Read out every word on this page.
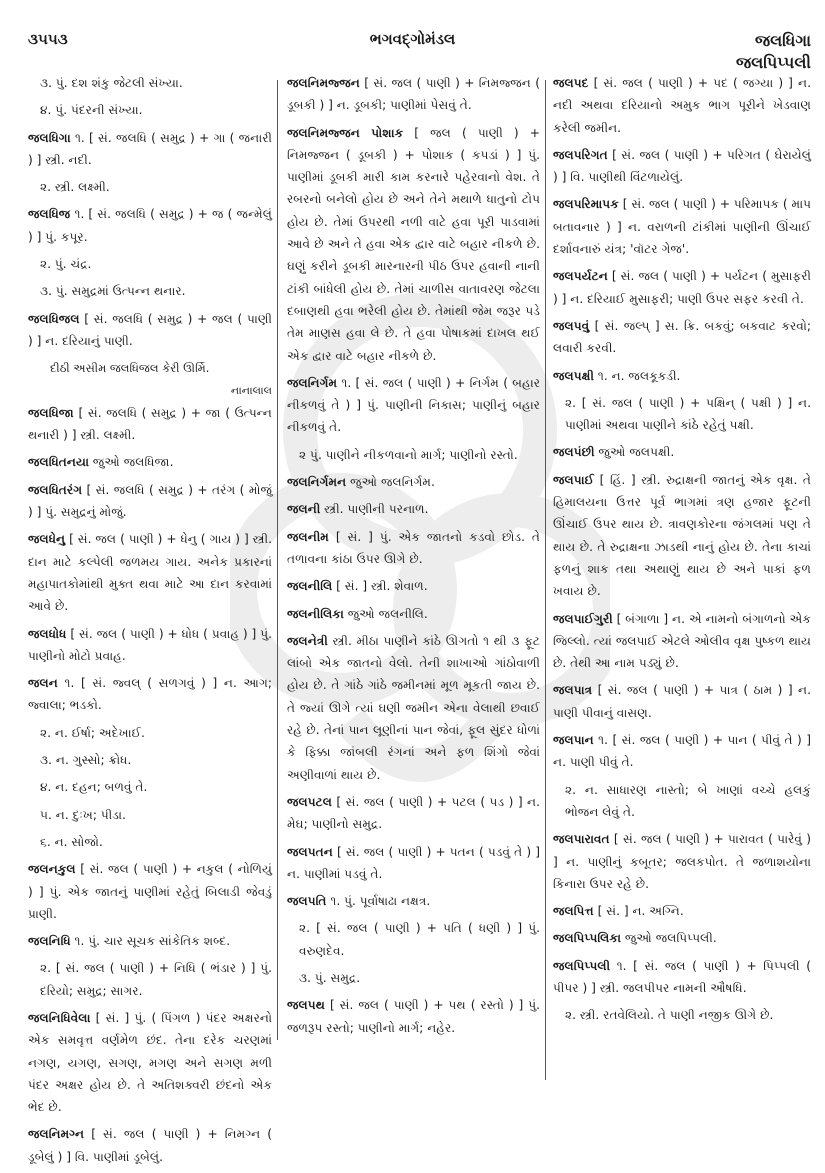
૩૫૫૩	ભગવદ્ગોમંડલ	જલધિગા
જલપિપ્પલી
૩. પું. દશ શંકુ જેટલી સંખ્યા.
૪. પું. પંદરની સંખ્યા.
જલધિગા ૧. [ સં. જલધિ ( સમુદ્ર ) + ગા ( જનારી ) ] સ્ત્રી. નદી.
૨. સ્ત્રી. લક્ષ્મી.
જલધિજ ૧. [ સં. જલધિ ( સમુદ્ર ) + જ ( જન્મેલું ) ] પું. કપૂર.
૨. પું. ચંદ્ર.
૩. પું. સમુદ્રમાં ઉત્પન્ન થનાર.
જલધિજલ [ સં. જલધિ ( સમુદ્ર ) + જલ ( પાણી ) ] ન. દરિયાનું પાણી.
દીઠી અસીમ જલધિજલ કેરી ઊર્મિ.
નાનાલાલ
જલધિજા [ સં. જલધિ ( સમુદ્ર ) + જા ( ઉત્પન્ન થનારી ) ] સ્ત્રી. લક્ષ્મી.
જલધિતનયા જુઓ જલધિજા.
જલધિતરંગ [ સં. જલધિ ( સમુદ્ર ) + તરંગ ( મોજું ) ] પું. સમુદ્રનું મોજું.
જલધેનુ [ સં. જલ ( પાણી ) + ધેનુ ( ગાય ) ] સ્ત્રી. દાન માટે કલ્પેલી જળમય ગાય. અનેક પ્રકારનાં મહાપાતકોમાંથી મુક્ત થવા માટે આ દાન કરવામાં આવે છે.
જલધોધ [ સં. જલ ( પાણી ) + ધોધ ( પ્રવાહ ) ] પું. પાણીનો મોટો પ્રવાહ.
જલન ૧. [ સં. જ્વલ્ ( સળગવું ) ] ન. આગ; જ્વાલા; ભડકો.
૨. ન. ઈર્ષા; અદેખાઈ.
૩. ન. ગુસ્સો; ક્રોધ.
૪. ન. દહન; બળવું તે.
૫. ન. દુઃખ; પીડા.
૬. ન. સોજો.
જલનકુલ [ સં. જલ ( પાણી ) + નકુલ ( નોળિયું ) ] પું. એક જાતનું પાણીમાં રહેતું બિલાડી જેવડું પ્રાણી.
જલનિધિ ૧. પું. ચાર સૂચક સાંકેતિક શબ્દ.
૨. [ સં. જલ ( પાણી ) + નિધિ ( ભંડાર ) ] પું. દરિયો; સમુદ્ર; સાગર.
જલનિધિવેલા [ સં. ] પું. ( પિંગળ ) પંદર અક્ષરનો એક સમવૃત્ત વર્ણમેળ છંદ. તેના દરેક ચરણમાં નગણ, યગણ, સગણ, મગણ અને સગણ મળી પંદર અક્ષર હોય છે. તે અતિશક્વરી છંદનો એક ભેદ છે.
જલનિમગ્ન [ સં. જલ ( પાણી ) + નિમગ્ન ( ડૂબેલું ) ] વિ. પાણીમાં ડૂબેલું.
જલનિમજ્જન [ સં. જલ ( પાણી ) + નિમજ્જન ( ડૂબકી ) ] ન. ડૂબકી; પાણીમાં પેસવું તે.
જલનિમજ્જન પોશાક [ જલ ( પાણી ) + નિમજ્જન ( ડૂબકી ) + પોશાક ( કપડાં ) ] પું. પાણીમાં ડૂબકી મારી કામ કરનારે પહેરવાનો વેશ. તે રબરનો બનેલો હોય છે અને તેને મથાળે ધાતુનો ટોપ હોય છે. તેમાં ઉપરથી નળી વાટે હવા પૂરી પાડવામાં આવે છે અને તે હવા એક દ્વાર વાટે બહાર નીકળે છે. ઘણું કરીને ડૂબકી મારનારની પીઠ ઉપર હવાની નાની ટાંકી બાંધેલી હોય છે. તેમાં ચાળીસ વાતાવરણ જેટલા દબાણથી હવા ભરેલી હોય છે. તેમાંથી જેમ જરૂર પડે તેમ માણસ હવા લે છે. તે હવા પોષાકમાં દાખલ થઈ એક દ્વાર વાટે બહાર નીકળે છે.
જલનિર્ગમ ૧. [ સં. જલ ( પાણી ) + નિર્ગમ ( બહાર નીકળવું તે ) ] પું. પાણીની નિકાસ; પાણીનું બહાર નીકળવું તે.
૨ પું. પાણીને નીકળવાનો માર્ગ; પાણીનો રસ્તો.
જલનિર્ગમન જુઓ જલનિર્ગમ.
જલની સ્ત્રી. પાણીની પરનાળ.
જલનીમ [ સં. ] પું. એક જાતનો કડવો છોડ. તે તળાવના કાંઠા ઉપર ઊગે છે.
જલનીલિ [ સં. ] સ્ત્રી. શેવાળ.
જલનીલિકા જુઓ જલનીલિ.
જલનેત્રી સ્ત્રી. મીઠા પાણીને કાંઠે ઊગતો ૧ થી ૩ ફૂટ લાંબો એક જાતનો વેલો. તેની શાખાઓ ગાંઠોવાળી હોય છે. તે ગાંઠે ગાંઠે જમીનમાં મૂળ મૂકતી જાય છે. તે જ્યાં ઊગે ત્યાં ઘણી જમીન એના વેલાથી છવાઈ રહે છે. તેનાં પાન લૂણીનાં પાન જેવાં, ફૂલ સુંદર ધોળાં કે ફિક્કા જાંબલી રંગનાં અને ફળ શિંગો જેવાં અણીવાળાં થાય છે.
જલપટલ [ સં. જલ ( પાણી ) + પટલ ( પડ ) ] ન. મેઘ; પાણીનો સમુદ્ર.
જલપતન [ સં. જલ ( પાણી ) + પતન ( પડવું તે ) ] ન. પાણીમાં પડવું તે.
જલપતિ ૧. પું. પૂર્વાષાઢા નક્ષત્ર.
૨. [ સં. જલ ( પાણી ) + પતિ ( ધણી ) ] પું. વરુણદેવ.
૩. પું. સમુદ્ર.
જલપથ [ સં. જલ ( પાણી ) + પથ ( રસ્તો ) ] પું. જળરૂપ રસ્તો; પાણીનો માર્ગ; નહેર.
જલપદ [ સં. જલ ( પાણી ) + પદ ( જગ્યા ) ] ન. નદી અથવા દરિયાનો અમુક ભાગ પૂરીને ખેડવાણ કરેલી જમીન.
જલપરિગત [ સં. જલ ( પાણી ) + પરિગત ( ઘેરાયેલું ) ] વિ. પાણીથી વિંટળાયેલું.
જલપરિમાપક [ સં. જલ ( પાણી ) + પરિમાપક ( માપ બતાવનાર ) ] ન. વરાળની ટાંકીમાં પાણીની ઊંચાઈ દર્શાવનારું યંત્ર; 'વૉટર ગેજ'.
જલપર્યટન [ સં. જલ ( પાણી ) + પર્યટન ( મુસાફરી ) ] ન. દરિયાઈ મુસાફરી; પાણી ઉપર સફર કરવી તે.
જલપવું [ સં. જલ્પ્ ] સ. ક્રિ. બકવું; બકવાટ કરવો; લવારી કરવી.
જલપક્ષી ૧. ન. જલકૂકડી.
૨. [ સં. જલ ( પાણી ) + પક્ષિન્ ( પક્ષી ) ] ન. પાણીમાં અથવા પાણીને કાંઠે રહેતું પક્ષી.
જલપંછી જુઓ જલપક્ષી.
જલપાઈ [ હિં. ] સ્ત્રી. રુદ્રાક્ષની જાતનું એક વૃક્ષ. તે હિમાલયના ઉત્તર પૂર્વ ભાગમાં ત્રણ હજાર ફૂટની ઊંચાઈ ઉપર થાય છે. ત્રાવણકોરના જંગલમાં પણ તે થાય છે. તે રુદ્રાક્ષના ઝાડથી નાનું હોય છે. તેના કાચાં ફળનું શાક તથા અથાણું થાય છે અને પાકાં ફળ ખવાય છે.
જલપાઈગુરી [ બંગાળા ] ન. એ નામનો બંગાળનો એક જિલ્લો. ત્યાં જલપાઈ એટલે ઓલીવ વૃક્ષ પુષ્કળ થાય છે. તેથી આ નામ પડ્યું છે.
જલપાત્ર [ સં. જલ ( પાણી ) + પાત્ર ( ઠામ ) ] ન. પાણી પીવાનું વાસણ.
જલપાન ૧. [ સં. જલ ( પાણી ) + પાન ( પીવું તે ) ] ન. પાણી પીવું તે.
૨. ન. સાધારણ નાસ્તો; બે ખાણાં વચ્ચે હલકું ભોજન લેવું તે.
જલપારાવત [ સં. જલ ( પાણી ) + પારાવત ( પારેવું ) ] ન. પાણીનું કબૂતર; જલકપોત. તે જળાશયોના કિનારા ઉપર રહે છે.
જલપિત્ત [ સં. ] ન. અગ્નિ.
જલપિપ્પલિકા જુઓ જલપિપ્પલી.
જલપિપ્પલી ૧. [ સં. જલ ( પાણી ) + પિપ્પલી ( પીપર ) ] સ્ત્રી. જલપીપર નામની ઔષધિ.
૨. સ્ત્રી. રતવેલિયો. તે પાણી નજીક ઊગે છે.
